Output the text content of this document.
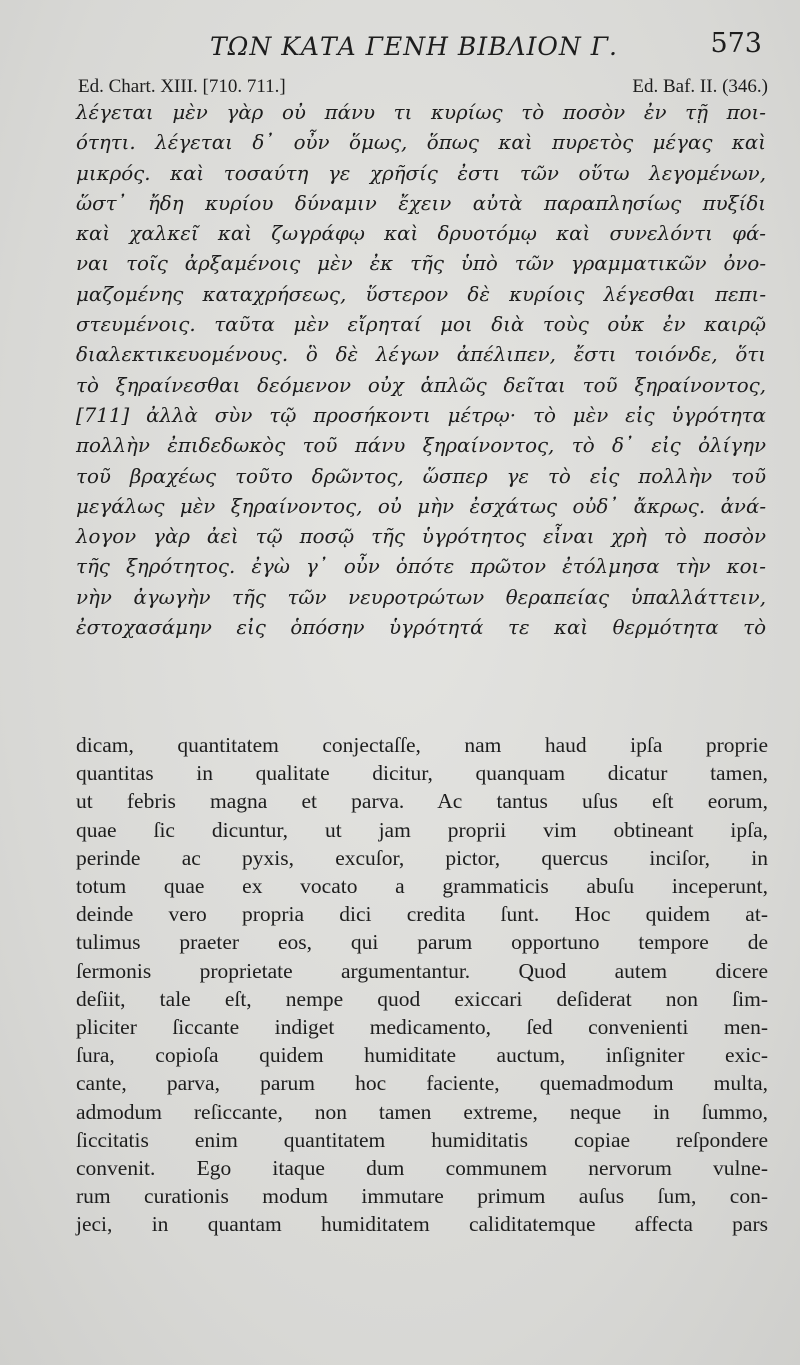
ΤΩΝ ΚΑΤΑ ΓΕΝΗ ΒΙΒΛΙΟΝ Γ.	573
Ed. Chart. XIII. [710. 711.]	Ed. Baf. II. (346.)
λέγεται μὲν γὰρ οὐ πάνυ τι κυρίως τὸ ποσὸν ἐν τῇ ποι-
ότητι. λέγεται δ᾽ οὖν ὅμως, ὅπως καὶ πυρετὸς μέγας καὶ
μικρός. καὶ τοσαύτη γε χρῆσίς ἐστι τῶν οὕτω λεγομένων,
ὥστ᾽ ἤδη κυρίου δύναμιν ἔχειν αὐτὰ παραπλησίως πυξίδι
καὶ χαλκεῖ καὶ ζωγράφῳ καὶ δρυοτόμῳ καὶ συνελόντι φά-
ναι τοῖς ἀρξαμένοις μὲν ἐκ τῆς ὑπὸ τῶν γραμματικῶν ὀνο-
μαζομένης καταχρήσεως, ὕστερον δὲ κυρίοις λέγεσθαι πεπι-
στευμένοις. ταῦτα μὲν εἴρηταί μοι διὰ τοὺς οὐκ ἐν καιρῷ
διαλεκτικευομένους. ὃ δὲ λέγων ἀπέλιπεν, ἔστι τοιόνδε, ὅτι
τὸ ξηραίνεσθαι δεόμενον οὐχ ἁπλῶς δεῖται τοῦ ξηραίνοντος,
[711] ἀλλὰ σὺν τῷ προσήκοντι μέτρῳ· τὸ μὲν εἰς ὑγρότητα
πολλὴν ἐπιδεδωκὸς τοῦ πάνυ ξηραίνοντος, τὸ δ᾽ εἰς ὀλίγην
τοῦ βραχέως τοῦτο δρῶντος, ὥσπερ γε τὸ εἰς πολλὴν τοῦ
μεγάλως μὲν ξηραίνοντος, οὐ μὴν ἐσχάτως οὐδ᾽ ἄκρως. ἀνά-
λογον γὰρ ἀεὶ τῷ ποσῷ τῆς ὑγρότητος εἶναι χρὴ τὸ ποσὸν
τῆς ξηρότητος. ἐγὼ γ᾽ οὖν ὁπότε πρῶτον ἐτόλμησα τὴν κοι-
νὴν ἀγωγὴν τῆς τῶν νευροτρώτων θεραπείας ὑπαλλάττειν,
ἐστοχασάμην εἰς ὁπόσην ὑγρότητά τε καὶ θερμότητα τὸ
dicam, quantitatem conjectaſſe, nam haud ipſa proprie
quantitas in qualitate dicitur, quanquam dicatur tamen,
ut febris magna et parva. Ac tantus uſus eſt eorum,
quae ſic dicuntur, ut jam proprii vim obtineant ipſa,
perinde ac pyxis, excuſor, pictor, quercus inciſor, in
totum quae ex vocato a grammaticis abuſu inceperunt,
deinde vero propria dici credita ſunt. Hoc quidem at-
tulimus praeter eos, qui parum opportuno tempore de
ſermonis proprietate argumentantur. Quod autem dicere
deſiit, tale eſt, nempe quod exiccari deſiderat non ſim-
pliciter ſiccante indiget medicamento, ſed convenienti men-
ſura, copioſa quidem humiditate auctum, inſigniter exic-
cante, parva, parum hoc faciente, quemadmodum multa,
admodum reſiccante, non tamen extreme, neque in ſummo,
ſiccitatis enim quantitatem humiditatis copiae reſpondere
convenit. Ego itaque dum communem nervorum vulne-
rum curationis modum immutare primum auſus ſum, con-
jeci, in quantam humiditatem caliditatemque affecta pars
